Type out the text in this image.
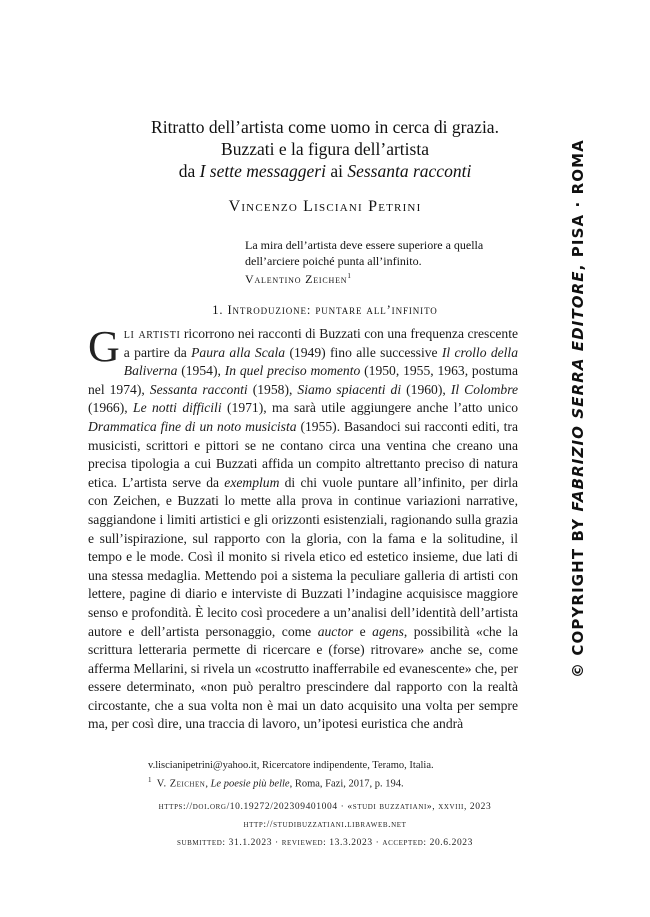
Ritratto dell’artista come uomo in cerca di grazia.
Buzzati e la figura dell’artista
da I sette messaggeri ai Sessanta racconti
Vincenzo Lisciani Petrini
La mira dell’artista deve essere superiore a quella
dell’arciere poiché punta all’infinito.
Valentino Zeichen$^1$
1. Introduzione: puntare all’infinito
Gli artisti ricorrono nei racconti di Buzzati con una frequenza crescente a partire da Paura alla Scala (1949) fino alle successive Il crollo della Baliverna (1954), In quel preciso momento (1950, 1955, 1963, postuma nel 1974), Sessanta racconti (1958), Siamo spiacenti di (1960), Il Colombre (1966), Le notti difficili (1971), ma sarà utile aggiungere anche l’atto unico Drammatica fine di un noto musicista (1955). Basandoci sui racconti editi, tra musicisti, scrittori e pittori se ne contano circa una ventina che creano una precisa tipologia a cui Buzzati affida un compito altrettanto preciso di natura etica. L’artista serve da exemplum di chi vuole puntare all’infinito, per dirla con Zeichen, e Buzzati lo mette alla prova in continue variazioni narrative, saggiandone i limiti artistici e gli orizzonti esistenziali, ragionando sulla grazia e sull’ispirazione, sul rapporto con la gloria, con la fama e la solitudine, il tempo e le mode. Così il monito si rivela etico ed estetico insieme, due lati di una stessa medaglia. Mettendo poi a sistema la peculiare galleria di artisti con lettere, pagine di diario e interviste di Buzzati l’indagine acquisisce maggiore senso e profondità. È lecito così procedere a un’analisi dell’identità dell’artista autore e dell’artista personaggio, come auctor e agens, possibilità «che la scrittura letteraria permette di ricercare e (forse) ritrovare» anche se, come afferma Mellarini, si rivela un «costrutto inafferrabile ed evanescente» che, per essere determinato, «non può peraltro prescindere dal rapporto con la realtà circostante, che a sua volta non è mai un dato acquisito una volta per sempre ma, per così dire, una traccia di lavoro, un’ipotesi euristica che andrà
v.liscianipetrini@yahoo.it, Ricercatore indipendente, Teramo, Italia.
$^1$ V. Zeichen, Le poesie più belle, Roma, Fazi, 2017, p. 194.
https://doi.org/10.19272/202309401004 · «studi buzzatiani», xxviii, 2023
http://studibuzzatiani.libraweb.net
submitted: 31.1.2023 · reviewed: 13.3.2023 · accepted: 20.6.2023
© COPYRIGHT BY FABRIZIO SERRA EDITORE, PISA · ROMA
